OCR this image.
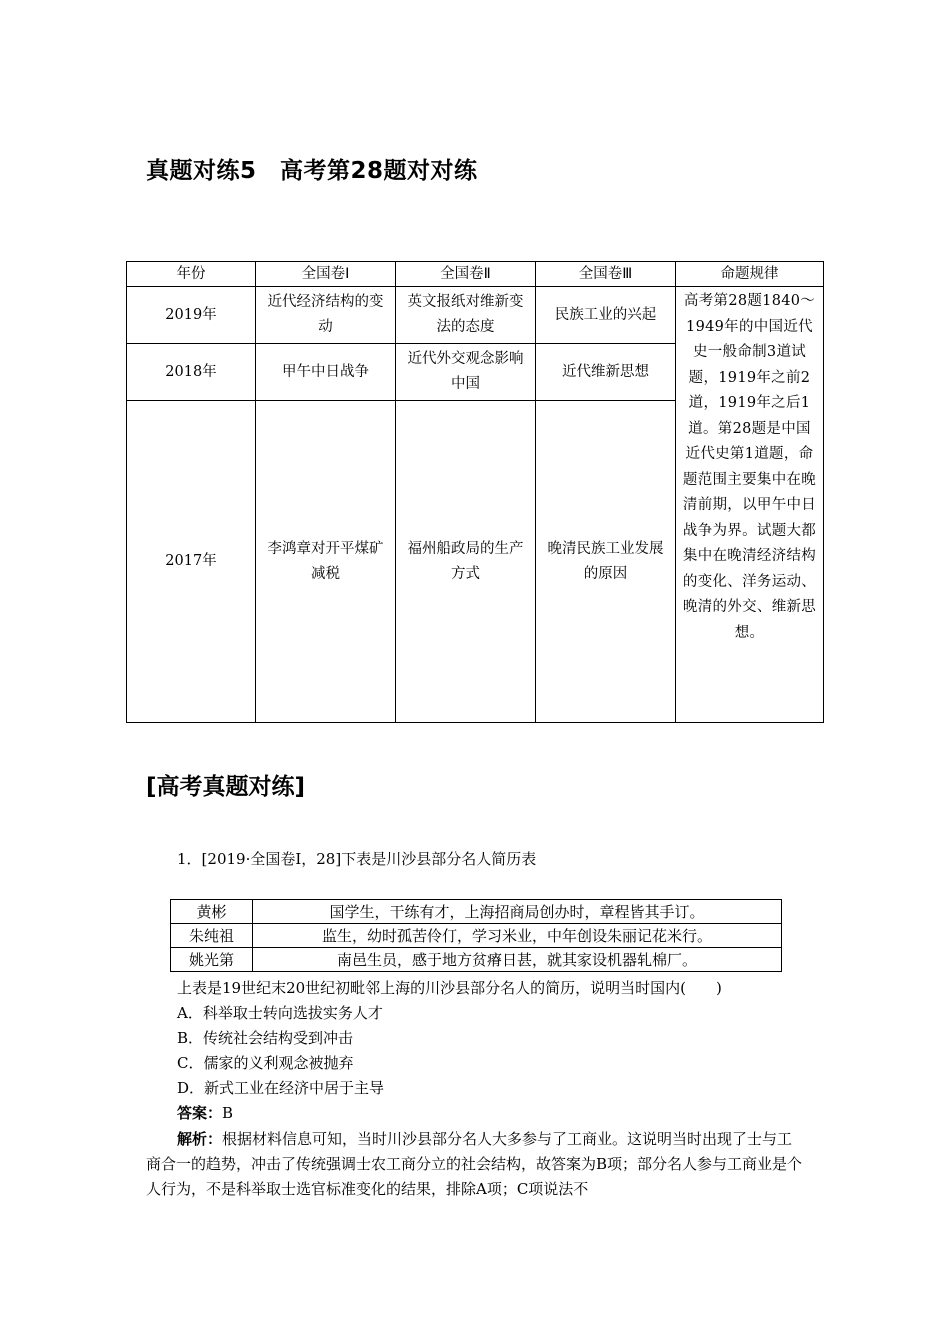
真题对练5　高考第28题对对练
年份	全国卷Ⅰ	全国卷Ⅱ	全国卷Ⅲ	命题规律
2019年	近代经济结构的变动	英文报纸对维新变法的态度	民族工业的兴起	高考第28题1840～1949年的中国近代史一般命制3道试题，1919年之前2道，1919年之后1道。第28题是中国近代史第1道题，命题范围主要集中在晚清前期，以甲午中日战争为界。试题大都集中在晚清经济结构的变化、洋务运动、晚清的外交、维新思想。
2018年	甲午中日战争	近代外交观念影响中国	近代维新思想	
2017年	李鸿章对开平煤矿减税	福州船政局的生产方式	晚清民族工业发展的原因	
[高考真题对练]
1．[2019·全国卷Ⅰ，28]下表是川沙县部分名人简历表
黄彬	国学生，干练有才，上海招商局创办时，章程皆其手订。
朱纯祖	监生，幼时孤苦伶仃，学习米业，中年创设朱丽记花米行。
姚光第	南邑生员，感于地方贫瘠日甚，就其家设机器轧棉厂。
上表是19世纪末20世纪初毗邻上海的川沙县部分名人的简历，说明当时国内(　　)
A．科举取士转向选拔实务人才
B．传统社会结构受到冲击
C．儒家的义利观念被抛弃
D．新式工业在经济中居于主导
答案：B
解析：根据材料信息可知，当时川沙县部分名人大多参与了工商业。这说明当时出现了士与工商合一的趋势，冲击了传统强调士农工商分立的社会结构，故答案为B项；部分名人参与工商业是个人行为，不是科举取士选官标准变化的结果，排除A项；C项说法不
